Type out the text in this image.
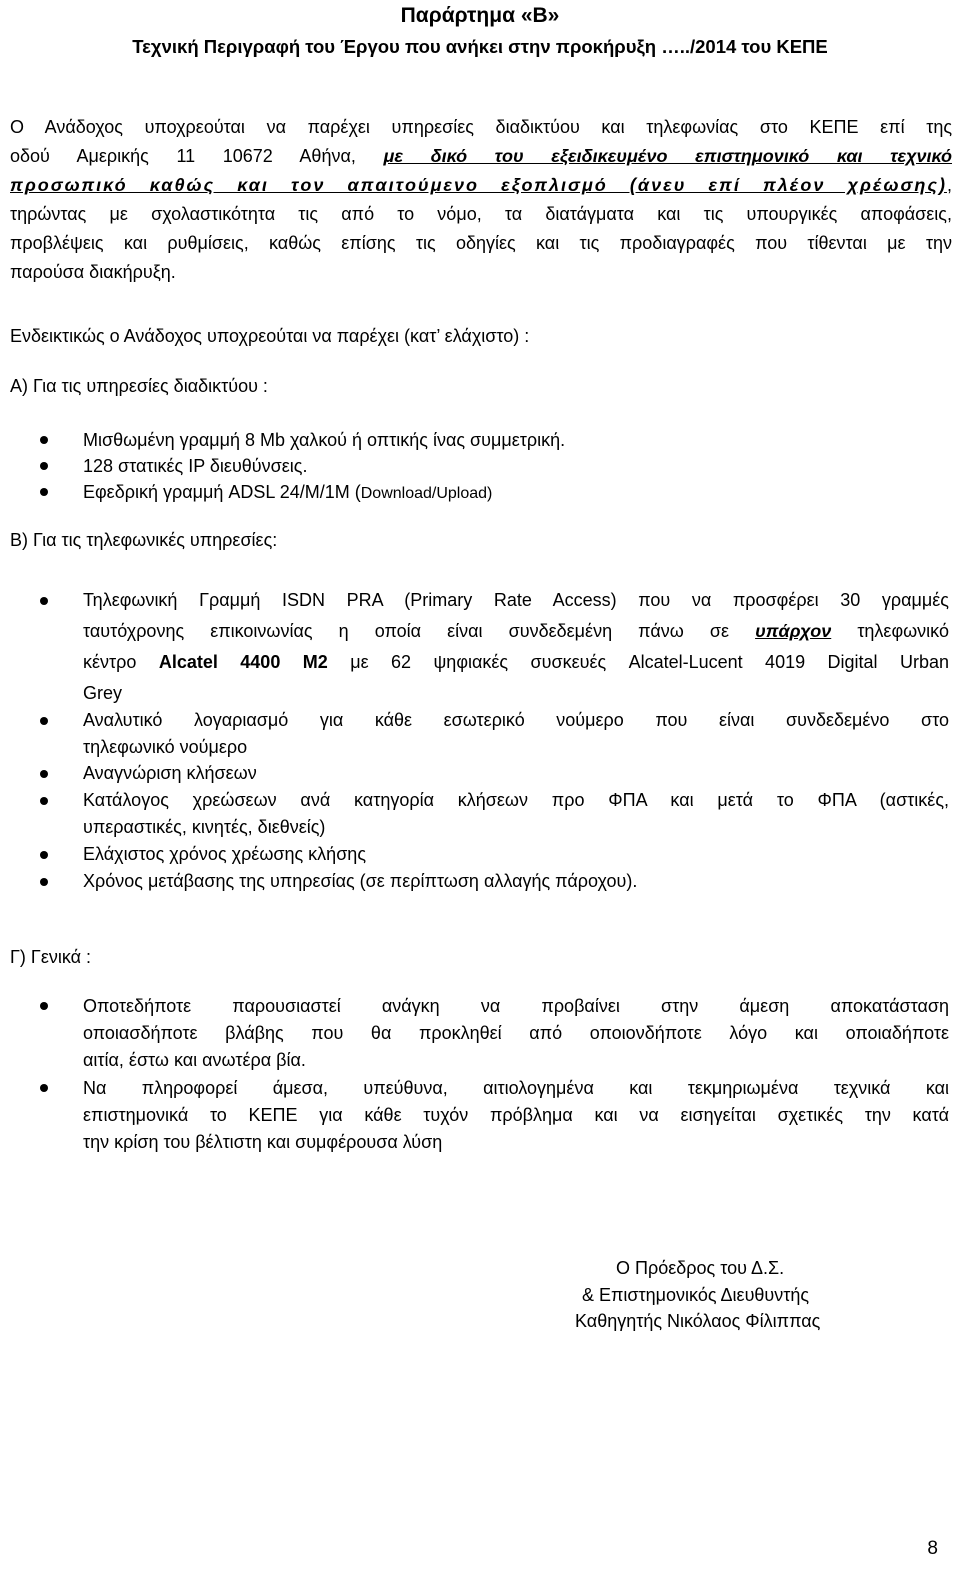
Παράρτημα «Β»
Τεχνική Περιγραφή του Έργου που ανήκει στην προκήρυξη …../2014 του ΚΕΠΕ
Ο Ανάδοχος υποχρεούται να παρέχει υπηρεσίες διαδικτύου και τηλεφωνίας στο ΚΕΠΕ επί της
οδού Αμερικής 11 10672 Αθήνα, με δικό του εξειδικευμένο επιστημονικό και τεχνικό
προσωπικό καθώς και τον απαιτούμενο εξοπλισμό (άνευ επί πλέον χρέωσης),
τηρώντας με σχολαστικότητα τις από το νόμο, τα διατάγματα και τις υπουργικές αποφάσεις,
προβλέψεις και ρυθμίσεις, καθώς επίσης τις οδηγίες και τις προδιαγραφές που τίθενται με την
παρούσα διακήρυξη.
Ενδεικτικώς ο Ανάδοχος υποχρεούται να παρέχει (κατ’ ελάχιστο) :
Α) Για τις υπηρεσίες διαδικτύου :
Μισθωμένη γραμμή 8 Mb χαλκού ή οπτικής ίνας συμμετρική.
128 στατικές IP διευθύνσεις.
Εφεδρική γραμμή ADSL 24/M/1M (Download/Upload)
Β) Για τις τηλεφωνικές υπηρεσίες:
Τηλεφωνική Γραμμή ISDN PRA (Primary Rate Access) που να προσφέρει 30 γραμμές
ταυτόχρονης επικοινωνίας η οποία είναι συνδεδεμένη πάνω σε υπάρχον τηλεφωνικό
κέντρο Alcatel 4400 M2 με 62 ψηφιακές συσκευές Alcatel-Lucent 4019 Digital Urban
Grey
Αναλυτικό λογαριασμό για κάθε εσωτερικό νούμερο που είναι συνδεδεμένο στο
τηλεφωνικό νούμερο
Αναγνώριση κλήσεων
Κατάλογος χρεώσεων ανά κατηγορία κλήσεων προ ΦΠΑ και μετά το ΦΠΑ (αστικές,
υπεραστικές, κινητές, διεθνείς)
Ελάχιστος χρόνος χρέωσης κλήσης
Χρόνος μετάβασης της υπηρεσίας (σε περίπτωση αλλαγής πάροχου).
Γ) Γενικά :
Οποτεδήποτε παρουσιαστεί ανάγκη να προβαίνει στην άμεση αποκατάσταση
οποιασδήποτε βλάβης που θα προκληθεί από οποιονδήποτε λόγο και οποιαδήποτε
αιτία, έστω και ανωτέρα βία.
Να πληροφορεί άμεσα, υπεύθυνα, αιτιολογημένα και τεκμηριωμένα τεχνικά και
επιστημονικά το ΚΕΠΕ για κάθε τυχόν πρόβλημα και να εισηγείται σχετικές την κατά
την κρίση του βέλτιστη και συμφέρουσα λύση
Ο Πρόεδρος του Δ.Σ.
& Επιστημονικός Διευθυντής
Καθηγητής Νικόλαος Φίλιππας
8
